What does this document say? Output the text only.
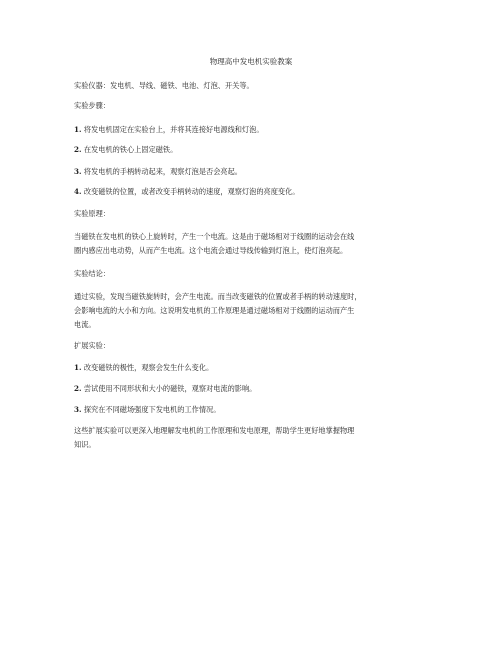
物理高中发电机实验教案
实验仪器：发电机、导线、磁铁、电池、灯泡、开关等。
实验步骤：
1. 将发电机固定在实验台上，并将其连接好电源线和灯泡。
2. 在发电机的铁心上固定磁铁。
3. 将发电机的手柄转动起来，观察灯泡是否会亮起。
4. 改变磁铁的位置，或者改变手柄转动的速度，观察灯泡的亮度变化。
实验原理：
当磁铁在发电机的铁心上旋转时，产生一个电流。这是由于磁场相对于线圈的运动会在线
圈内感应出电动势，从而产生电流。这个电流会通过导线传输到灯泡上，使灯泡亮起。
实验结论：
通过实验，发现当磁铁旋转时，会产生电流。而当改变磁铁的位置或者手柄的转动速度时，
会影响电流的大小和方向。这说明发电机的工作原理是通过磁场相对于线圈的运动而产生
电流。
扩展实验：
1. 改变磁铁的极性，观察会发生什么变化。
2. 尝试使用不同形状和大小的磁铁，观察对电流的影响。
3. 探究在不同磁场强度下发电机的工作情况。
这些扩展实验可以更深入地理解发电机的工作原理和发电原理，帮助学生更好地掌握物理
知识。
